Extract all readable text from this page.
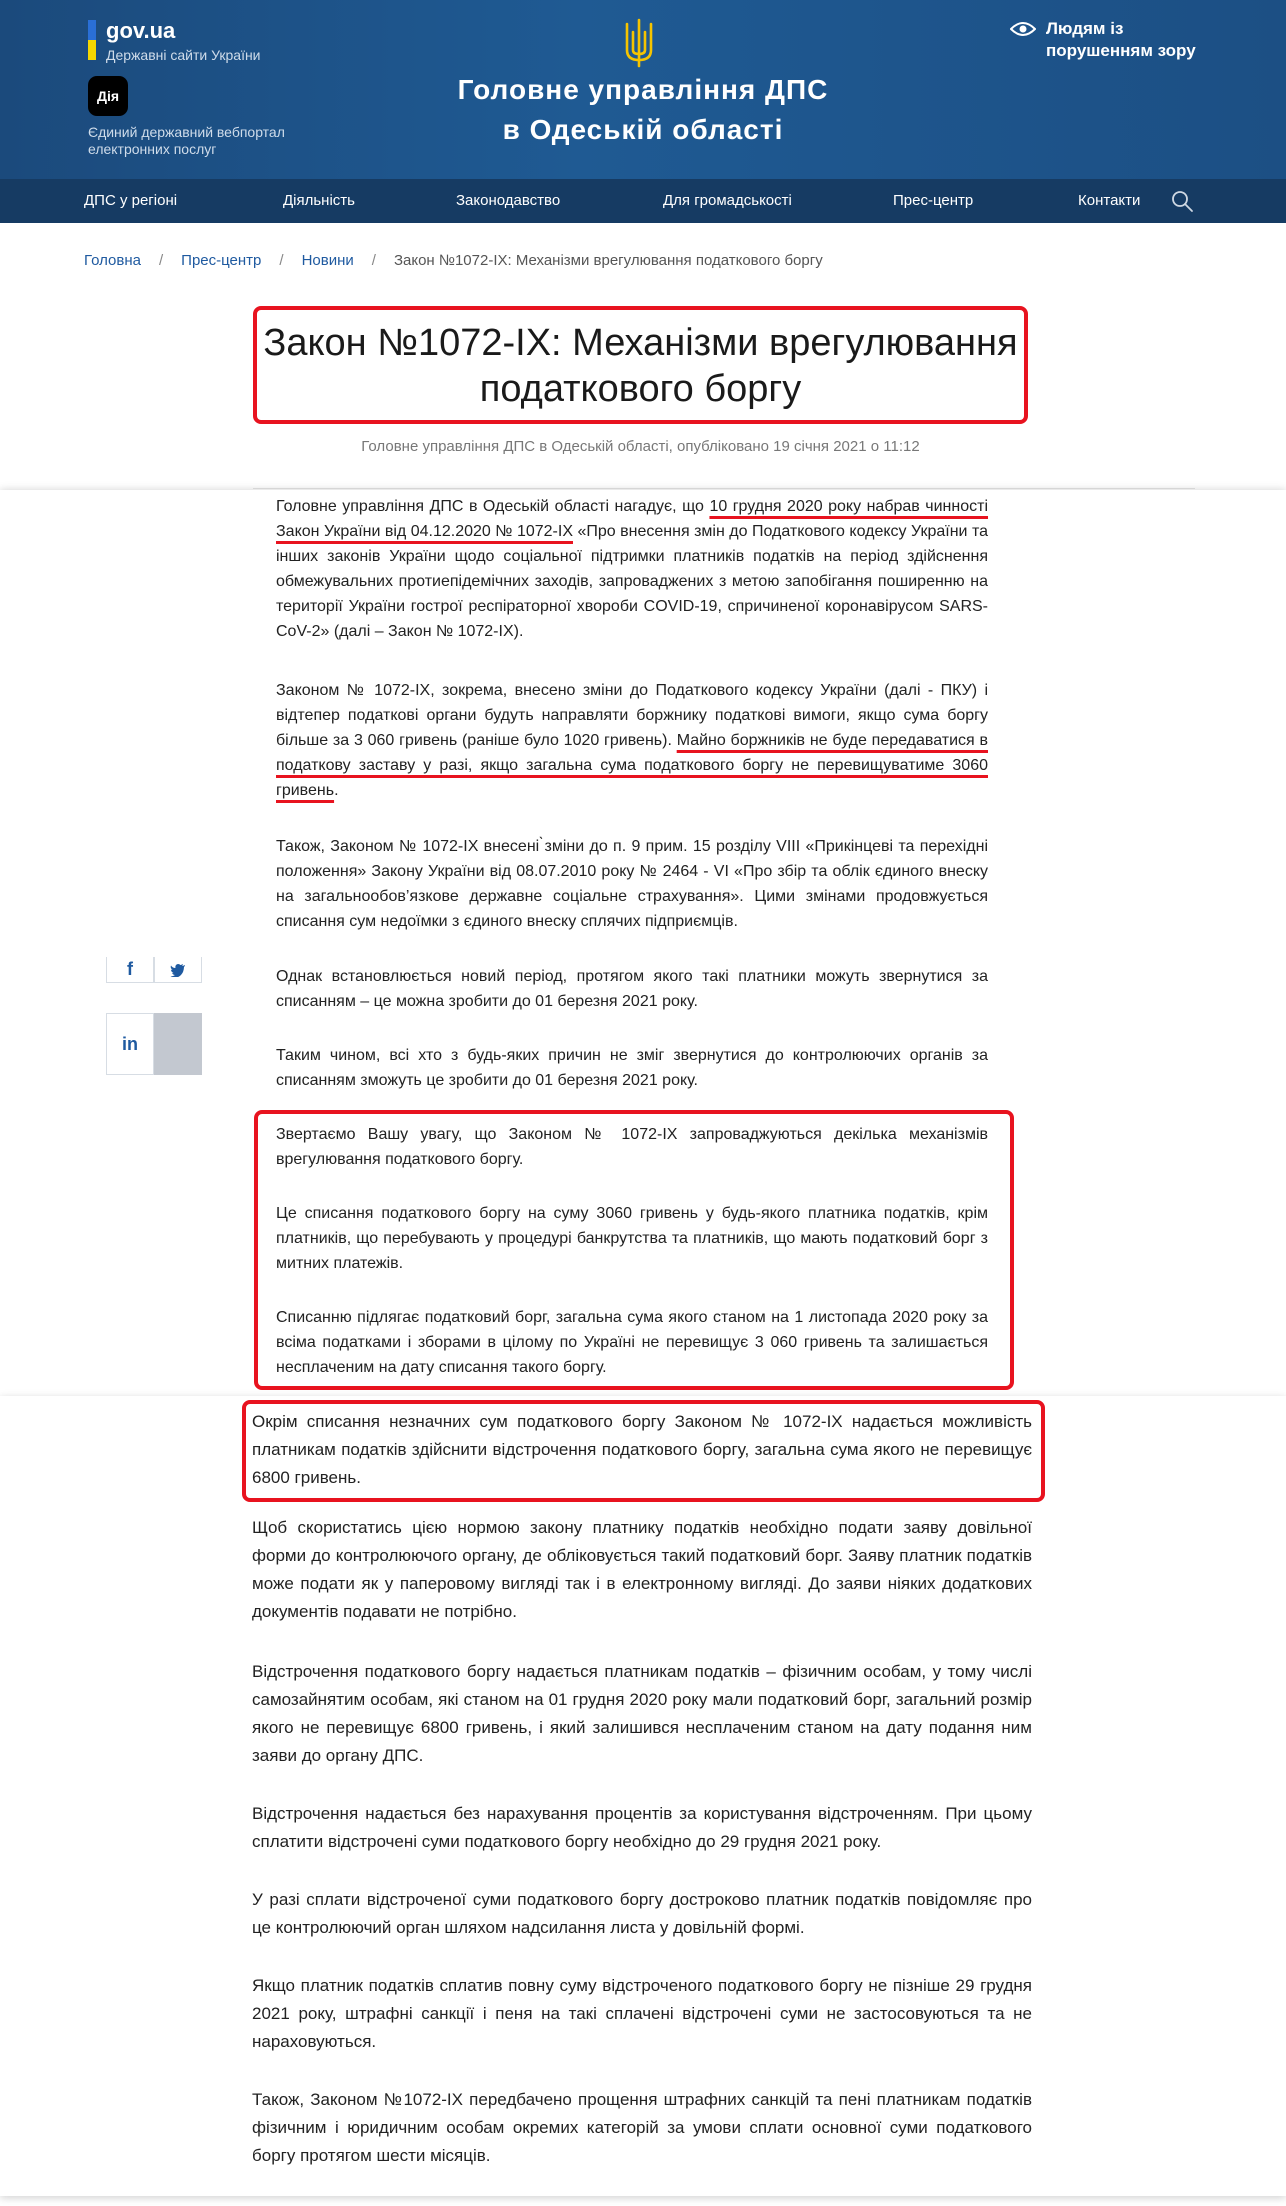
gov.ua
Державні сайти України
Дія
Єдиний державний вебпортал електронних послуг
Головне управління ДПС
в Одеській області
Людям із порушенням зору
ДПС у регіоні	Діяльність	Законодавство	Для громадськості	Прес-центр	Контакти
Головна / Прес-центр / Новини / Закон №1072-IX: Механізми врегулювання податкового боргу
Закон №1072-IX: Механізми врегулювання податкового боргу
Головне управління ДПС в Одеській області, опубліковано 19 січня 2021 о 11:12
f
in
Головне управління ДПС в Одеській області нагадує, що 10 грудня 2020 року набрав чинності Закон України від 04.12.2020 № 1072-IX «Про внесення змін до Податкового кодексу України та інших законів України щодо соціальної підтримки платників податків на період здійснення обмежувальних протиепідемічних заходів, запроваджених з метою запобігання поширенню на території України гострої респіраторної хвороби COVID-19, спричиненої коронавірусом SARS-CoV-2» (далі – Закон № 1072-IX).
Законом № 1072-IX, зокрема, внесено зміни до Податкового кодексу України (далі - ПКУ) і відтепер податкові органи будуть направляти боржнику податкові вимоги, якщо сума боргу більше за 3 060 гривень (раніше було 1020 гривень). Майно боржників не буде передаватися в податкову заставу у разі, якщо загальна сума податкового боргу не перевищуватиме 3060 гривень.
Також, Законом № 1072-IX внесені ̀зміни до п. 9 прим. 15 розділу VIII «Прикінцеві та перехідні положення» Закону України від 08.07.2010 року № 2464 - VI «Про збір та облік єдиного внеску на загальнообов’язкове державне соціальне страхування». Цими змінами продовжується списання сум недоїмки з єдиного внеску сплячих підприємців.
Однак встановлюється новий період, протягом якого такі платники можуть звернутися за списанням – це можна зробити до 01 березня 2021 року.
Таким чином, всі хто з будь-яких причин не зміг звернутися до контролюючих органів за списанням зможуть це зробити до 01 березня 2021 року.
Звертаємо Вашу увагу, що Законом № 1072-IX запроваджуються декілька механізмів врегулювання податкового боргу.
Це списання податкового боргу на суму 3060 гривень у будь-якого платника податків, крім платників, що перебувають у процедурі банкрутства та платників, що мають податковий борг з митних платежів.
Списанню підлягає податковий борг, загальна сума якого станом на 1 листопада 2020 року за всіма податками і зборами в цілому по Україні не перевищує 3 060 гривень та залишається несплаченим на дату списання такого боргу.
Окрім списання незначних сум податкового боргу Законом № 1072-IX надається можливість платникам податків здійснити відстрочення податкового боргу, загальна сума якого не перевищує 6800 гривень.
Щоб скористатись цією нормою закону платнику податків необхідно подати заяву довільної форми до контролюючого органу, де обліковується такий податковий борг. Заяву платник податків може подати як у паперовому вигляді так і в електронному вигляді. До заяви ніяких додаткових документів подавати не потрібно.
Відстрочення податкового боргу надається платникам податків – фізичним особам, у тому числі самозайнятим особам, які станом на 01 грудня 2020 року мали податковий борг, загальний розмір якого не перевищує 6800 гривень, і який залишився несплаченим станом на дату подання ним заяви до органу ДПС.
Відстрочення надається без нарахування процентів за користування відстроченням. При цьому сплатити відстрочені суми податкового боргу необхідно до 29 грудня 2021 року.
У разі сплати відстроченої суми податкового боргу достроково платник податків повідомляє про це контролюючий орган шляхом надсилання листа у довільній формі.
Якщо платник податків сплатив повну суму відстроченого податкового боргу не пізніше 29 грудня 2021 року, штрафні санкції і пеня на такі сплачені відстрочені суми не застосовуються та не нараховуються.
Також, Законом №1072-IX передбачено прощення штрафних санкцій та пені платникам податків фізичним і юридичним особам окремих категорій за умови сплати основної суми податкового боргу протягом шести місяців.
